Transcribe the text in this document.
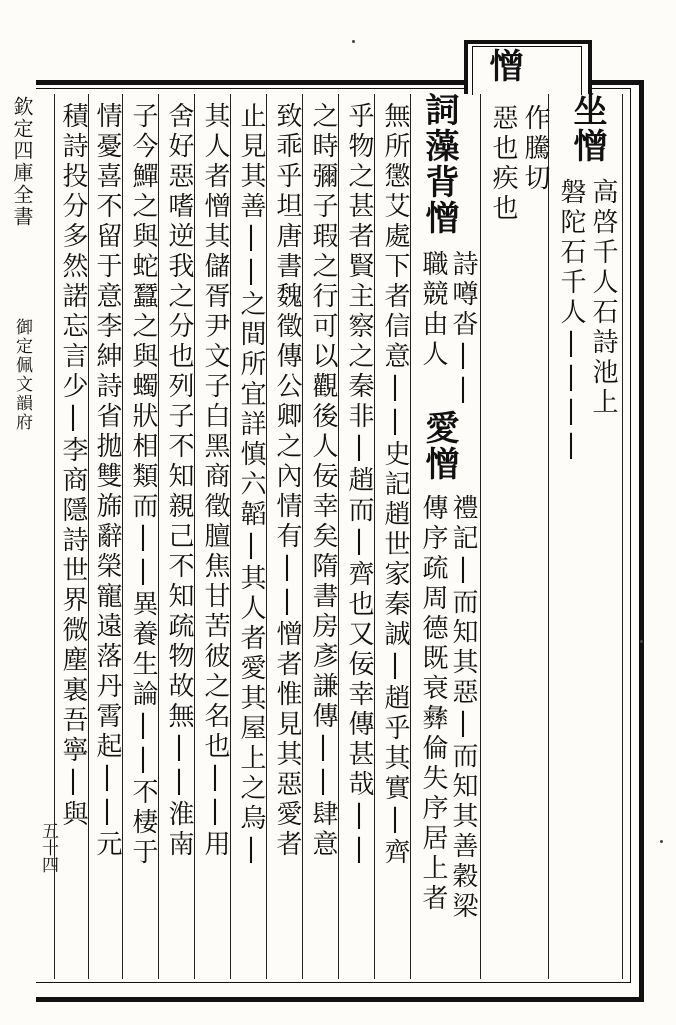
欽定四庫全書
御定佩文韻府
五十四
憎
作騰切
惡也疾也 坐憎
高啓千人石詩池上
磐陀石千人||||
詞藻背憎
詩噂沓||
職競由人
愛憎
禮記|而知其惡|而知其善穀梁
傳序疏周德既衰彝倫失序居上者
無所懲艾處下者信意||史記趙世家秦誠|趙乎其實|齊
乎物之甚者賢主察之秦非|趙而|齊也又佞幸傳甚哉||
之時彌子瑕之行可以觀後人佞幸矣隋書房彥謙傳||肆意
致乖乎坦唐書魏徵傳公卿之內情有||憎者惟見其惡愛者
止見其善||之間所宜詳慎六韜|其人者愛其屋上之烏|
其人者憎其儲胥尹文子白黑商徵膻焦甘苦彼之名也||用
舍好惡嗜逆我之分也列子不知親己不知疏物故無||淮南
子今鱓之與蛇蠶之與蠋狀相類而||異養生論||不棲于
情憂喜不留于意李紳詩省拋雙旆辭榮寵遠落丹霄起||元
積詩投分多然諾忘言少|李商隱詩世界微塵裏吾寧|與
